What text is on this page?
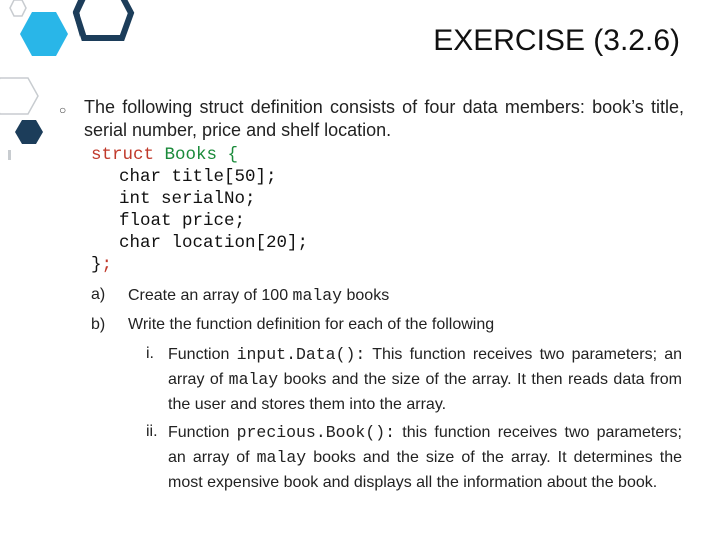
EXERCISE (3.2.6)
○ The following struct definition consists of four data members: book’s title, serial number, price and shelf location.
struct Books {

char title[50];
int serialNo;
float price;
char location[20];
};
a) Create an array of 100 malay books
b) Write the function definition for each of the following
i. Function input.Data(): This function receives two parameters; an array of malay books and the size of the array. It then reads data from the user and stores them into the array.
ii. Function precious.Book(): this function receives two parameters; an array of malay books and the size of the array. It determines the most expensive book and displays all the information about the book.
